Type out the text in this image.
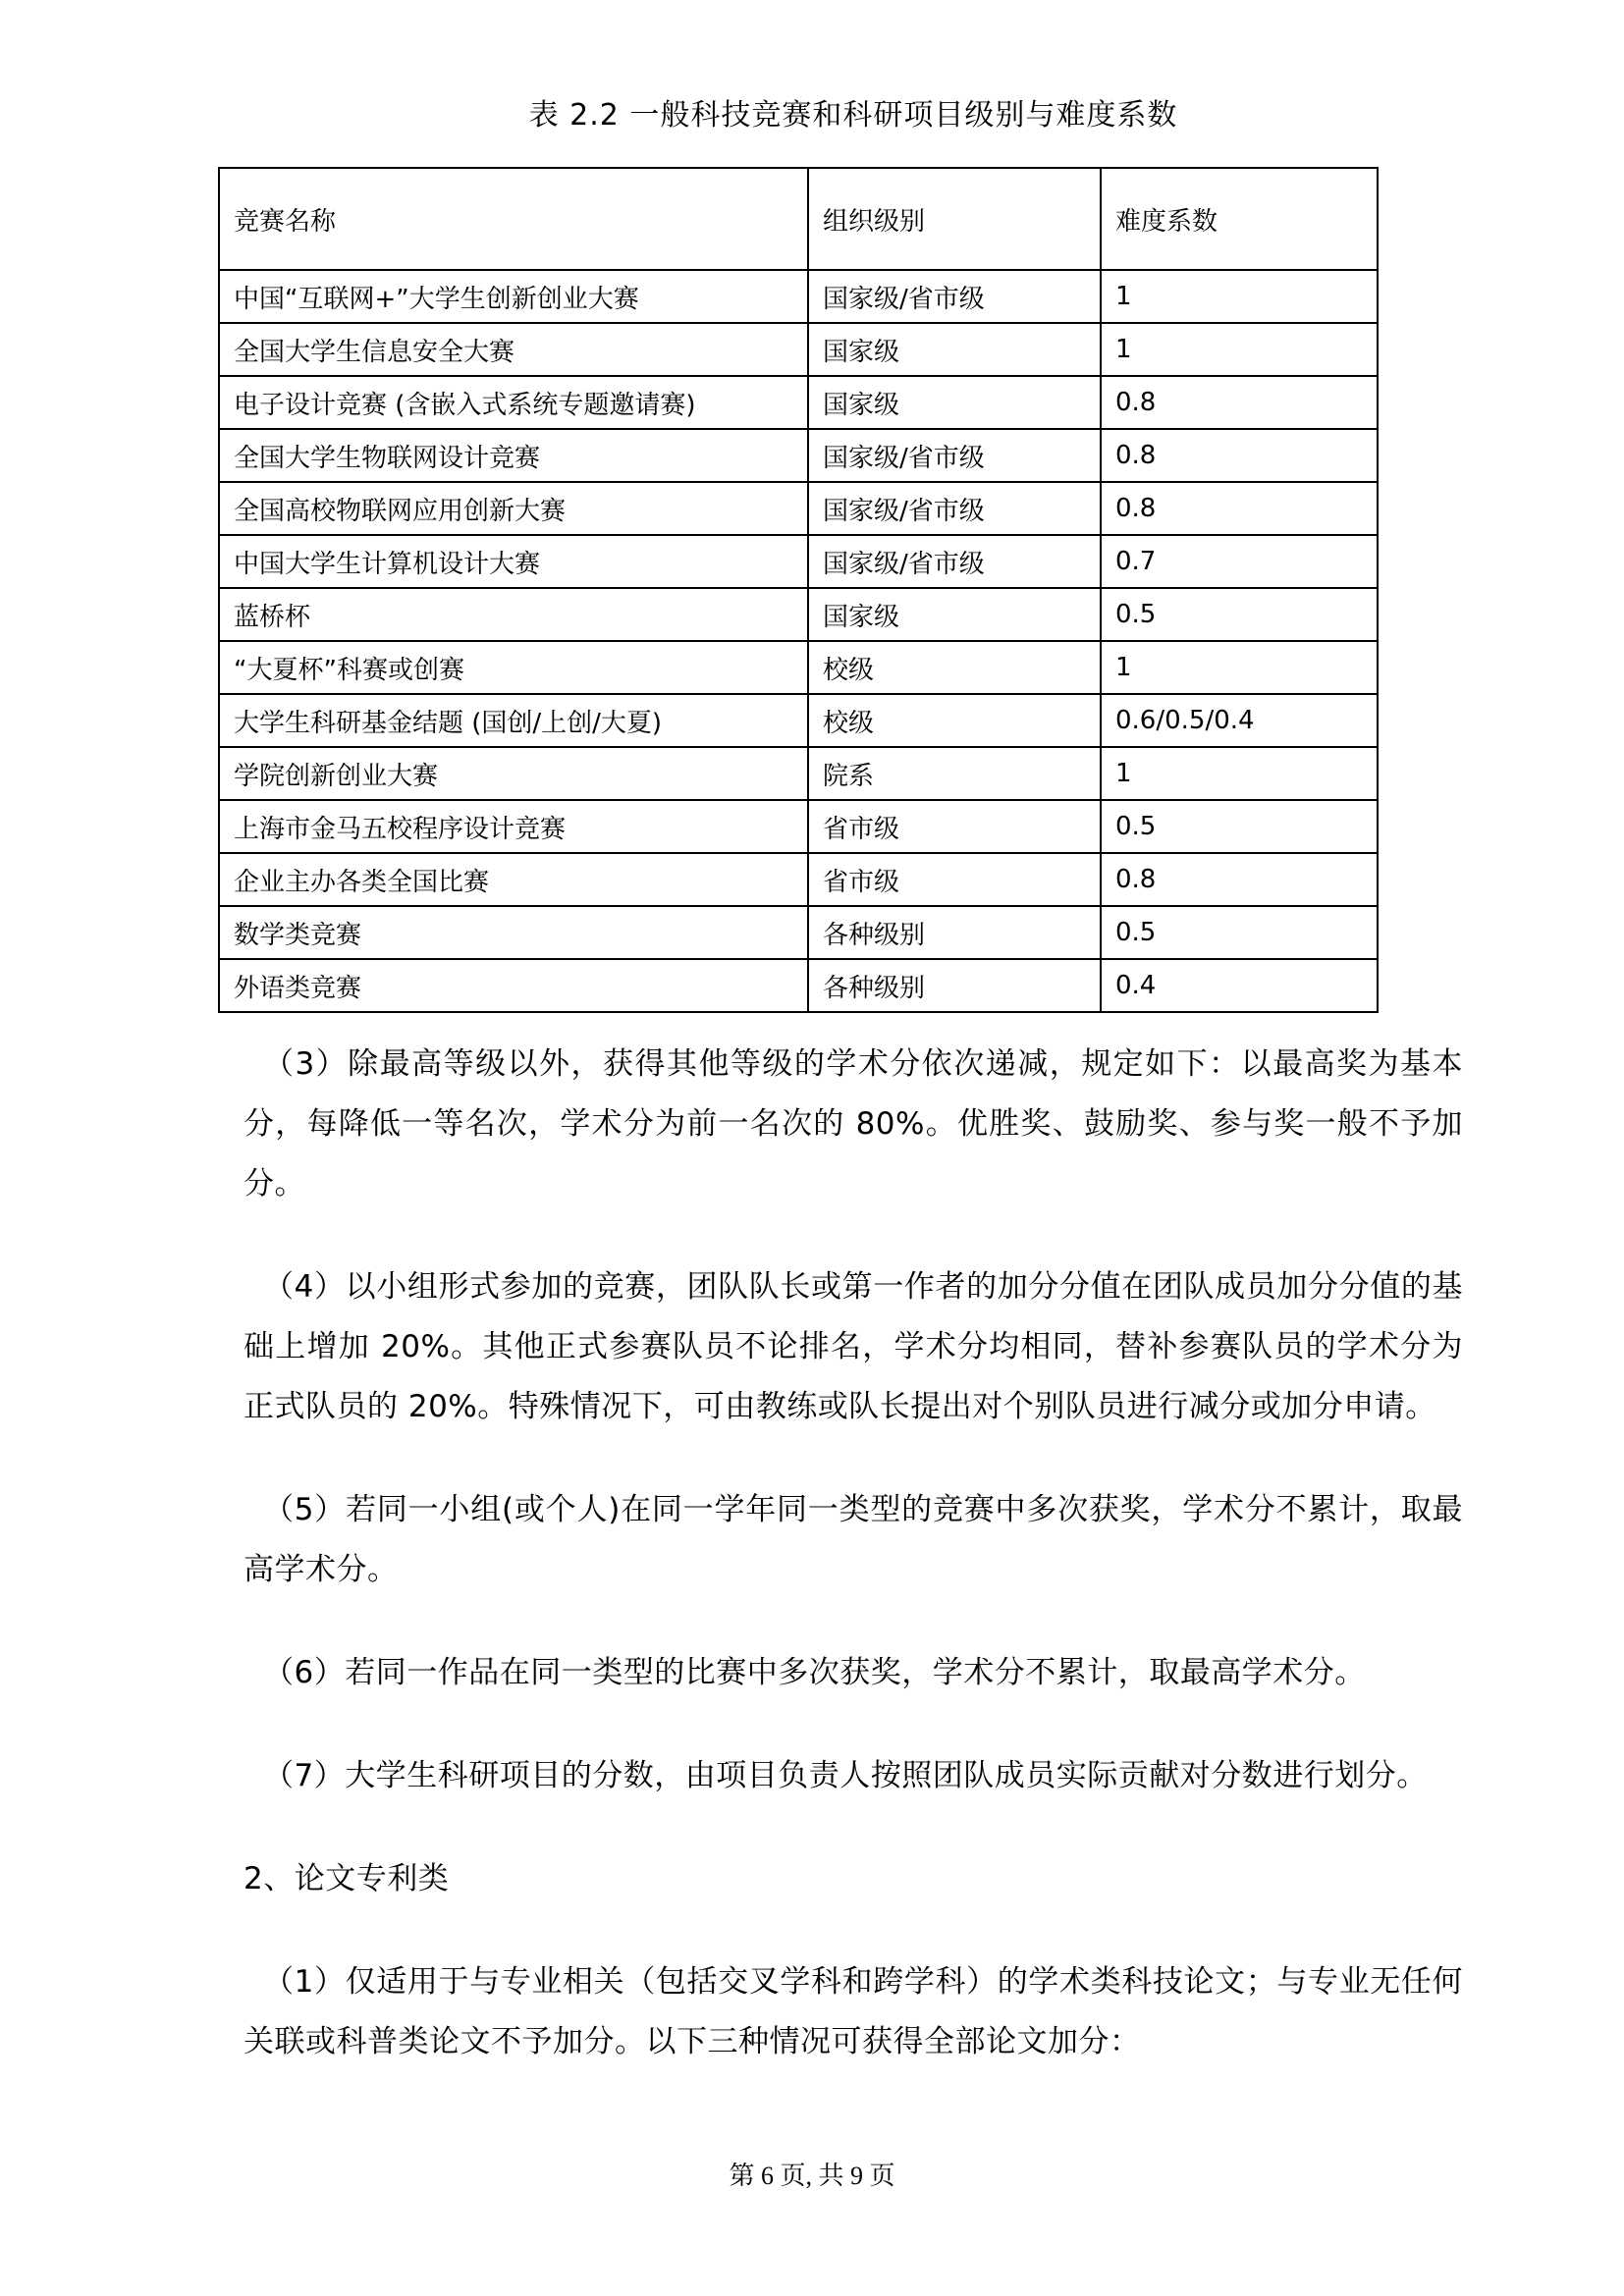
表 2.2 一般科技竞赛和科研项目级别与难度系数
竞赛名称	组织级别	难度系数
中国“互联网+”大学生创新创业大赛	国家级/省市级	1
全国大学生信息安全大赛	国家级	1
电子设计竞赛 (含嵌入式系统专题邀请赛)	国家级	0.8
全国大学生物联网设计竞赛	国家级/省市级	0.8
全国高校物联网应用创新大赛	国家级/省市级	0.8
中国大学生计算机设计大赛	国家级/省市级	0.7
蓝桥杯	国家级	0.5
“大夏杯”科赛或创赛	校级	1
大学生科研基金结题 (国创/上创/大夏)	校级	0.6/0.5/0.4
学院创新创业大赛	院系	1
上海市金马五校程序设计竞赛	省市级	0.5
企业主办各类全国比赛	省市级	0.8
数学类竞赛	各种级别	0.5
外语类竞赛	各种级别	0.4

（3）除最高等级以外，获得其他等级的学术分依次递减，规定如下：以最高奖为基本分，每降低一等名次，学术分为前一名次的 80%。优胜奖、鼓励奖、参与奖一般不予加分。

（4）以小组形式参加的竞赛，团队队长或第一作者的加分分值在团队成员加分分值的基础上增加 20%。其他正式参赛队员不论排名，学术分均相同，替补参赛队员的学术分为正式队员的 20%。特殊情况下，可由教练或队长提出对个别队员进行减分或加分申请。

（5）若同一小组(或个人)在同一学年同一类型的竞赛中多次获奖，学术分不累计，取最高学术分。

（6）若同一作品在同一类型的比赛中多次获奖，学术分不累计，取最高学术分。

（7）大学生科研项目的分数，由项目负责人按照团队成员实际贡献对分数进行划分。

2、论文专利类

（1）仅适用于与专业相关（包括交叉学科和跨学科）的学术类科技论文；与专业无任何关联或科普类论文不予加分。以下三种情况可获得全部论文加分：

第 6 页, 共 9 页
